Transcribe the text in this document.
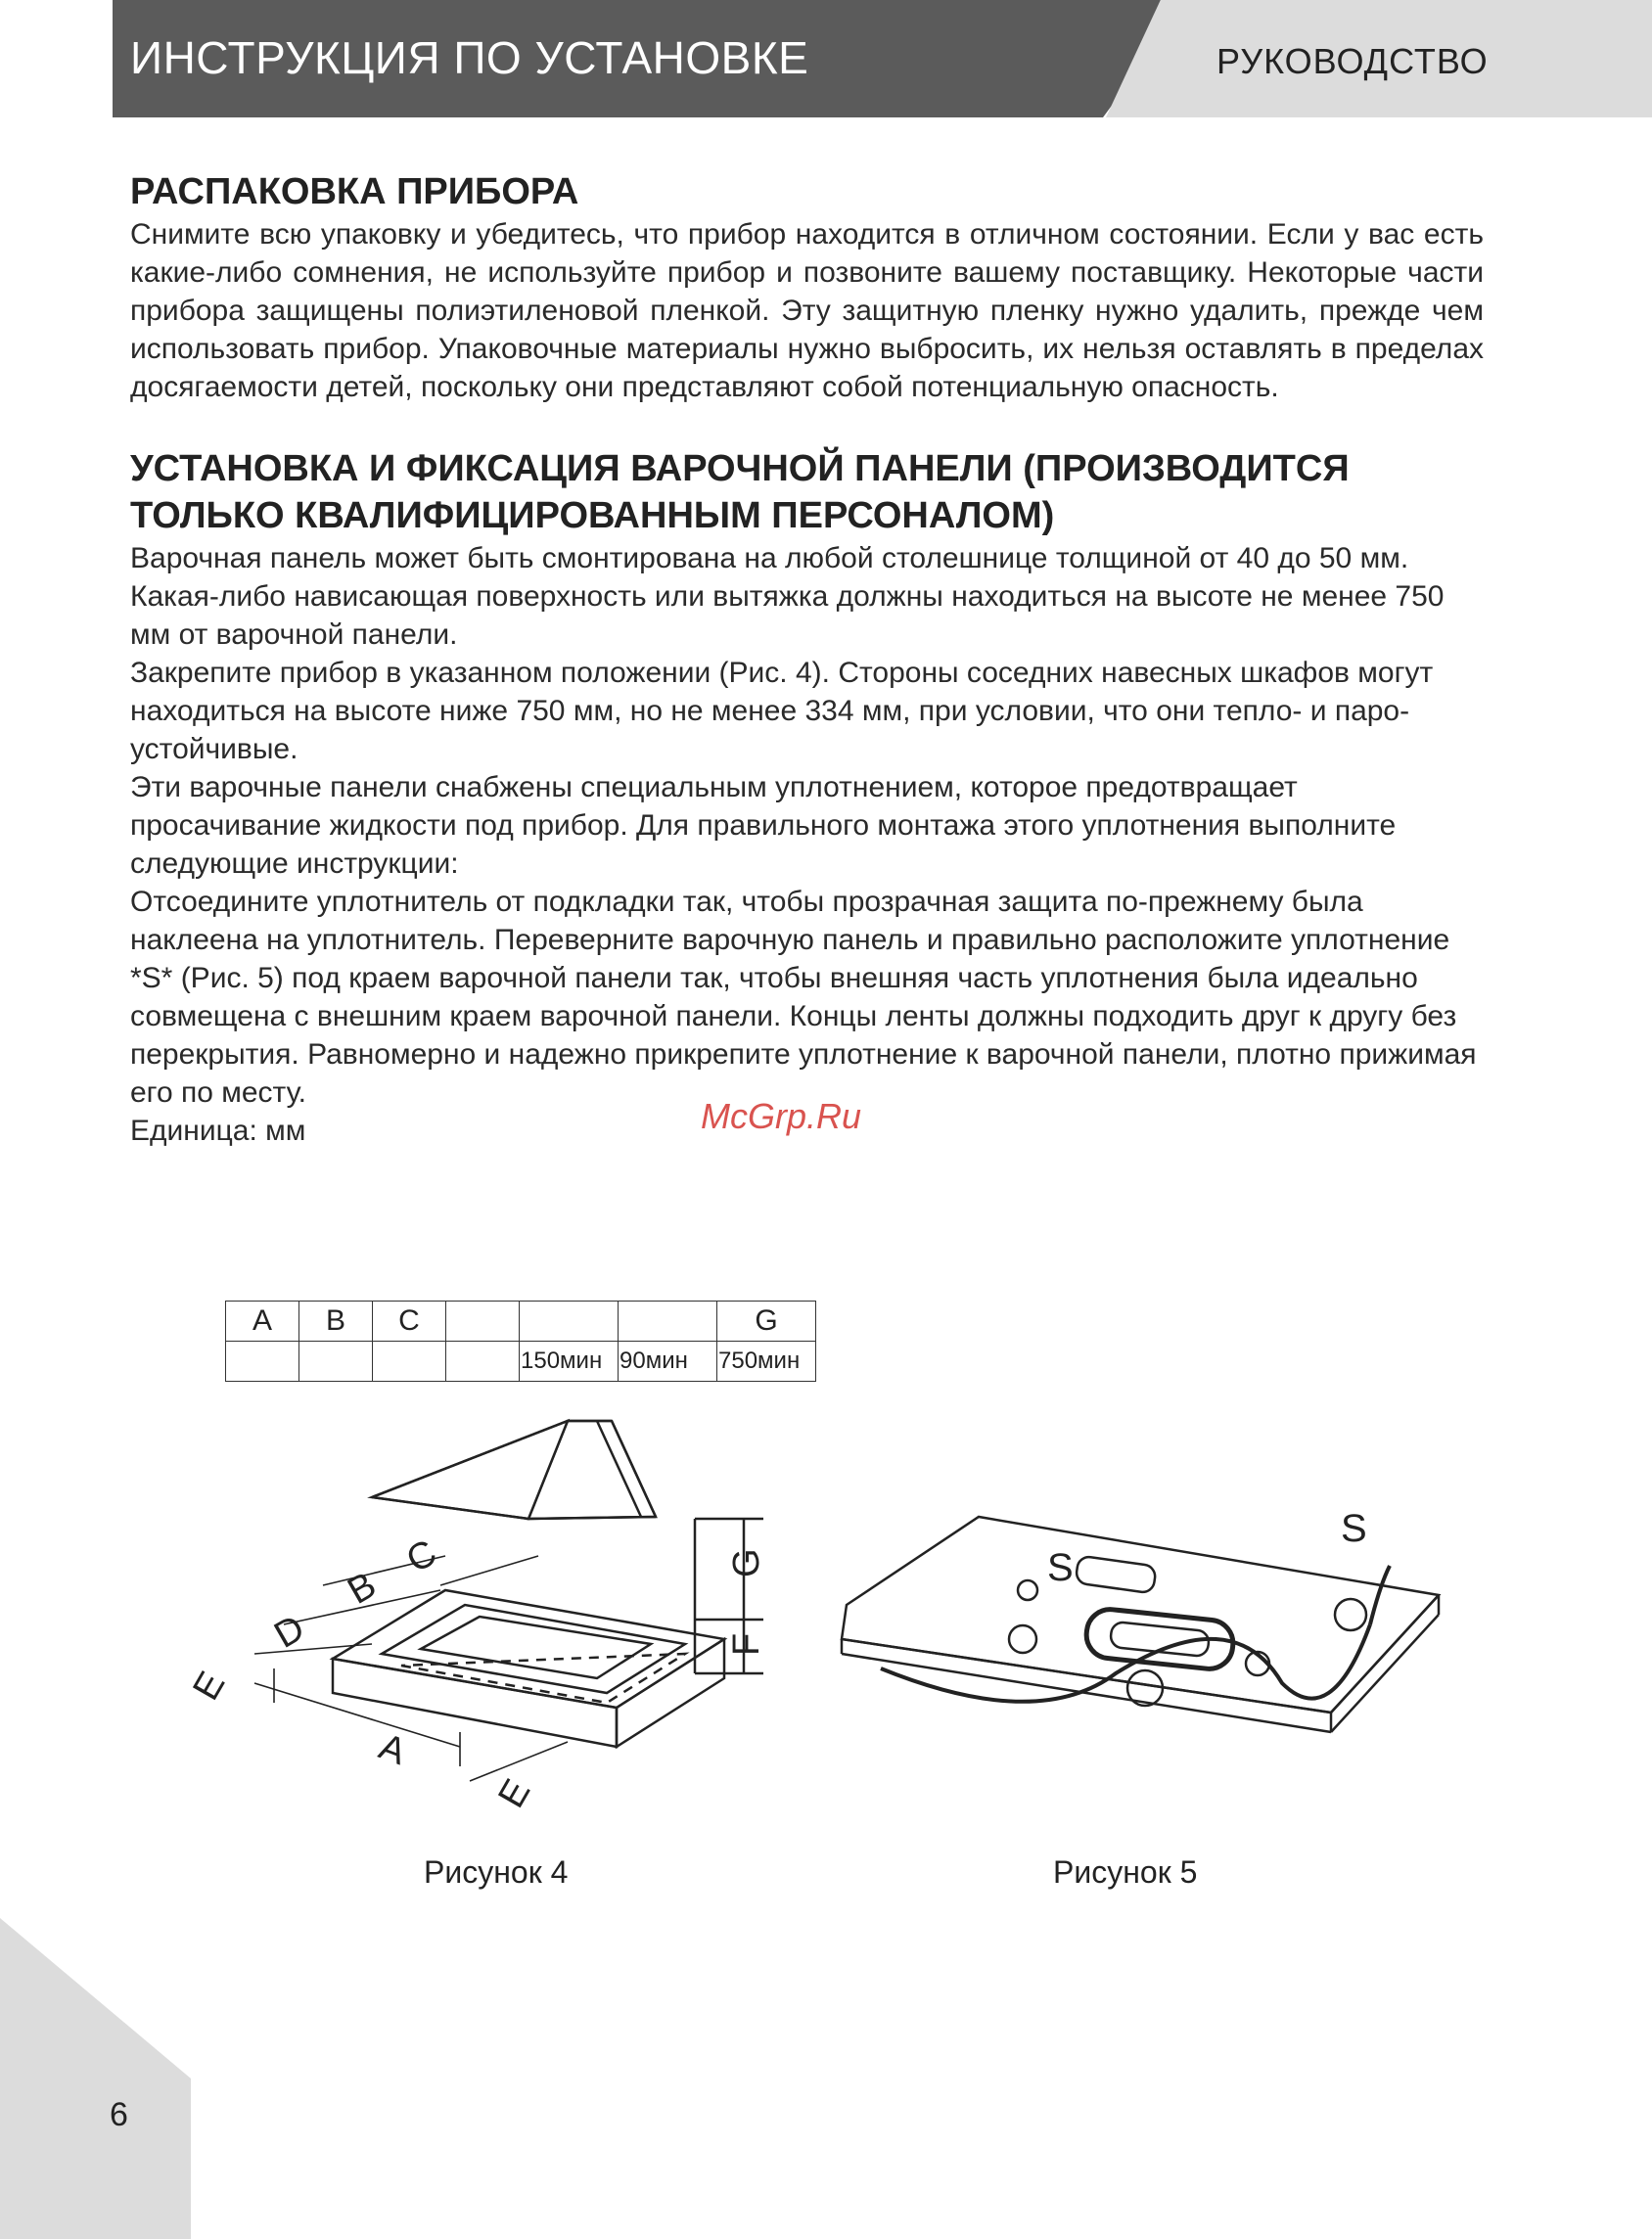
ИНСТРУКЦИЯ ПО УСТАНОВКЕ	РУКОВОДСТВО
РАСПАКОВКА ПРИБОРА

Снимите всю упаковку и убедитесь, что прибор находится в отличном состоянии. Если у вас есть какие-либо сомнения, не используйте прибор и позвоните вашему поставщику. Некоторые части прибора защищены полиэтиленовой пленкой. Эту защитную пленку нужно удалить, прежде чем использовать прибор. Упаковочные материалы нужно выбросить, их нельзя оставлять в пределах досягаемости детей, поскольку они представляют собой потенциальную опасность.

УСТАНОВКА И ФИКСАЦИЯ ВАРОЧНОЙ ПАНЕЛИ (ПРОИЗВОДИТСЯ
ТОЛЬКО КВАЛИФИЦИРОВАННЫМ ПЕРСОНАЛОМ)

Варочная панель может быть смонтирована на любой столешнице толщиной от 40 до 50 мм. Какая-либо нависающая поверхность или вытяжка должны находиться на высоте не менее 750 мм от варочной панели.

Закрепите прибор в указанном положении (Рис. 4). Стороны соседних навесных шкафов могут находиться на высоте ниже 750 мм, но не менее 334 мм, при условии, что они тепло- и паро-устойчивые.

Эти варочные панели снабжены специальным уплотнением, которое предотвращает просачивание жидкости под прибор. Для правильного монтажа этого уплотнения выполните следующие инструкции:

Отсоедините уплотнитель от подкладки так, чтобы прозрачная защита по-прежнему была наклеена на уплотнитель. Переверните варочную панель и правильно расположите уплотнение *S* (Рис. 5) под краем варочной панели так, чтобы внешняя часть уплотнения была идеально совмещена с внешним краем варочной панели. Концы ленты должны подходить друг к другу без перекрытия. Равномерно и надежно прикрепите уплотнение к варочной панели, плотно прижимая его по месту.

Единица: мм	McGrp.Ru
A	B	C				G
				150мин	90мин	750мин
G
F
A
B
C
D
E
E
S
S
Рисунок 4	Рисунок 5
6
